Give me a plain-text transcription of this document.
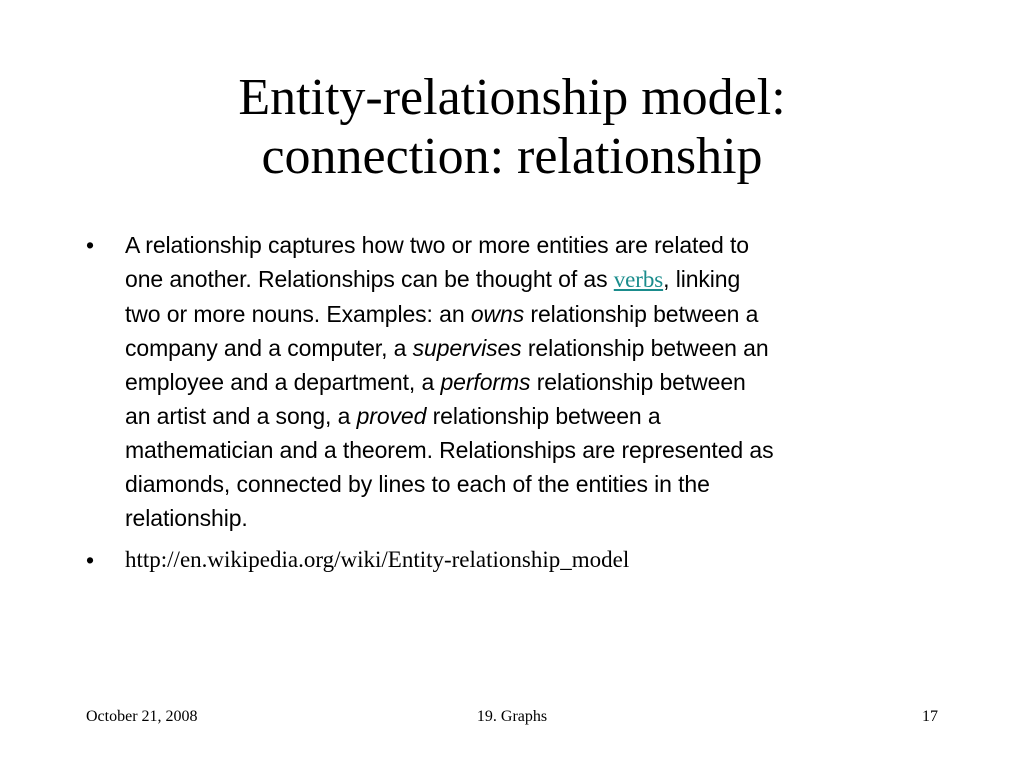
Entity-relationship model:
connection: relationship
• A relationship captures how two or more entities are related to
one another. Relationships can be thought of as verbs, linking
two or more nouns. Examples: an owns relationship between a
company and a computer, a supervises relationship between an
employee and a department, a performs relationship between
an artist and a song, a proved relationship between a
mathematician and a theorem. Relationships are represented as
diamonds, connected by lines to each of the entities in the
relationship.
• http://en.wikipedia.org/wiki/Entity-relationship_model
October 21, 2008	19. Graphs	17
